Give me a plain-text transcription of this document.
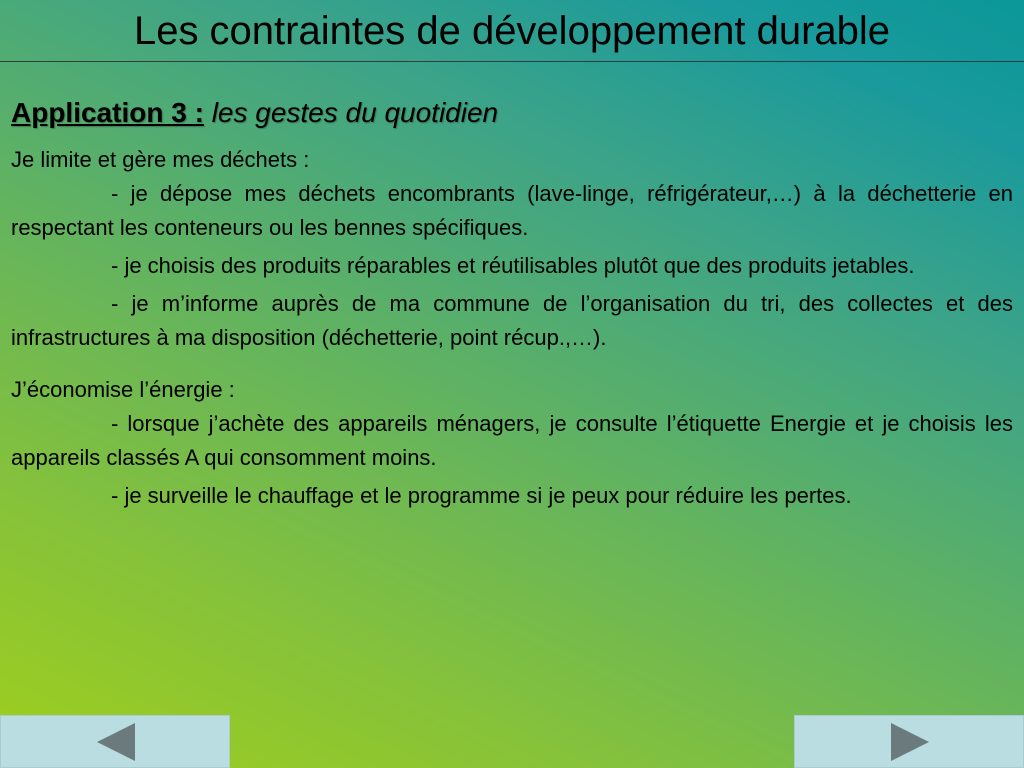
Les contraintes de développement durable
Application 3 : les gestes du quotidien

Je limite et gère mes déchets :

- je dépose mes déchets encombrants (lave-linge, réfrigérateur,…) à la déchetterie en respectant les conteneurs ou les bennes spécifiques.

- je choisis des produits réparables et réutilisables plutôt que des produits jetables.

- je m’informe auprès de ma commune de l’organisation du tri, des collectes et des infrastructures à ma disposition (déchetterie, point récup.,…).

J’économise l’énergie :

- lorsque j’achète des appareils ménagers, je consulte l’étiquette Energie et je choisis les appareils classés A qui consomment moins.

- je surveille le chauffage et le programme si je peux pour réduire les pertes.
